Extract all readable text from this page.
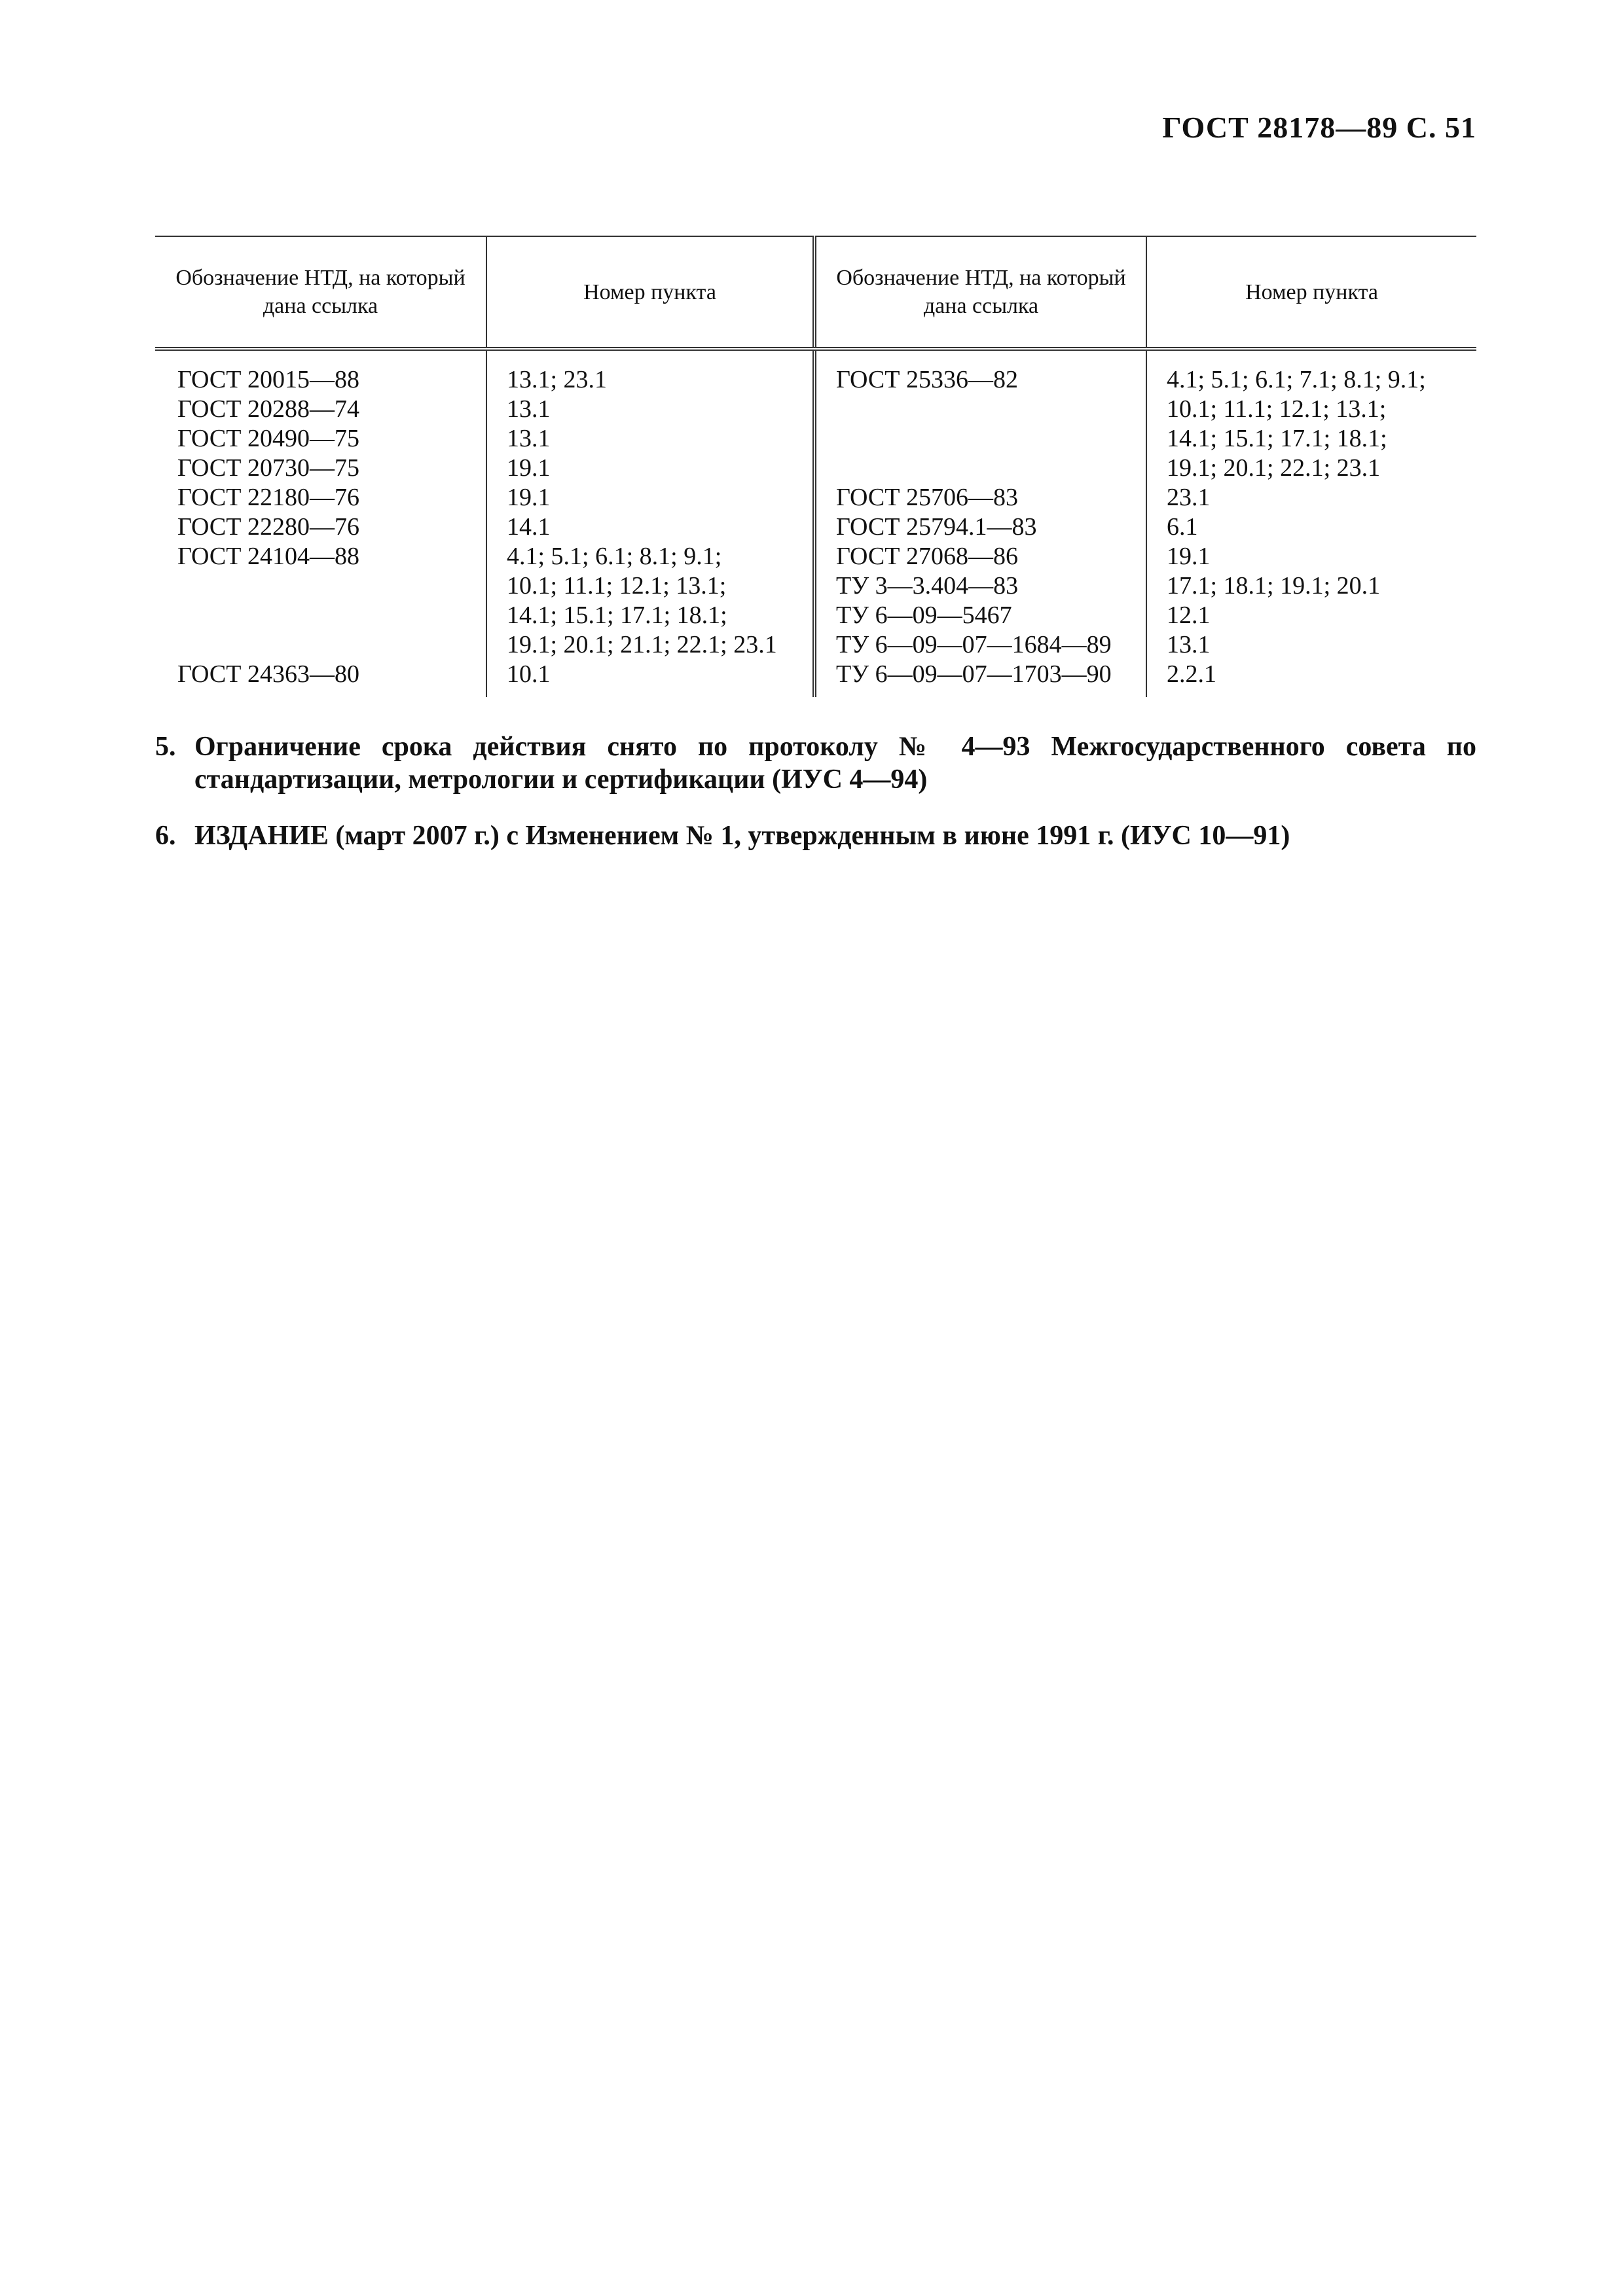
ГОСТ 28178—89 С. 51
Обозначение НТД, на который дана ссылка	Номер пункта	Обозначение НТД, на который дана ссылка	Номер пункта
ГОСТ 20015—88	13.1; 23.1	ГОСТ 25336—82	4.1; 5.1; 6.1; 7.1; 8.1; 9.1;
ГОСТ 20288—74	13.1		10.1; 11.1; 12.1; 13.1;
ГОСТ 20490—75	13.1		14.1; 15.1; 17.1; 18.1;
ГОСТ 20730—75	19.1		19.1; 20.1; 22.1; 23.1
ГОСТ 22180—76	19.1	ГОСТ 25706—83	23.1
ГОСТ 22280—76	14.1	ГОСТ 25794.1—83	6.1
ГОСТ 24104—88	4.1; 5.1; 6.1; 8.1; 9.1;	ГОСТ 27068—86	19.1
	10.1; 11.1; 12.1; 13.1;	ТУ 3—3.404—83	17.1; 18.1; 19.1; 20.1
	14.1; 15.1; 17.1; 18.1;	ТУ 6—09—5467	12.1
	19.1; 20.1; 21.1; 22.1; 23.1	ТУ 6—09—07—1684—89	13.1
ГОСТ 24363—80	10.1	ТУ 6—09—07—1703—90	2.2.1
5. Ограничение срока действия снято по протоколу № 4—93 Межгосударственного совета по стандартизации, метрологии и сертификации (ИУС 4—94)
6. ИЗДАНИЕ (март 2007 г.) с Изменением № 1, утвержденным в июне 1991 г. (ИУС 10—91)
